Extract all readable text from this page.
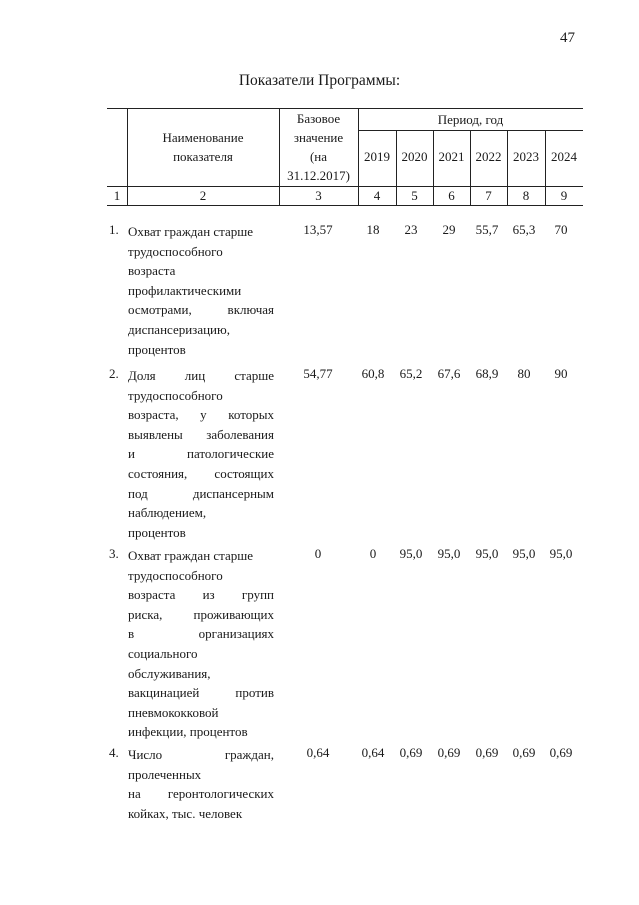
47
Показатели Программы:
Наименование
показателя
Базовое
значение
(на
31.12.2017)
Период, год
2019 2020 2021 2022 2023 2024
1	2	3	4	5	6	7	8	9
1. Охват граждан старше
трудоспособного
возраста
профилактическими
осмотрами, включая
диспансеризацию,
процентов
13,57	18	23	29	55,7	65,3	70
2. Доля лиц старше
трудоспособного
возраста, у которых
выявлены заболевания
и патологические
состояния, состоящих
под диспансерным
наблюдением,
процентов
54,77	60,8	65,2	67,6	68,9	80	90
3. Охват граждан старше
трудоспособного
возраста из групп
риска, проживающих
в организациях
социального
обслуживания,
вакцинацией против
пневмококковой
инфекции, процентов
0	0	95,0	95,0	95,0	95,0	95,0
4. Число граждан,
пролеченных
на геронтологических
койках, тыс. человек
0,64	0,64	0,69	0,69	0,69	0,69	0,69
